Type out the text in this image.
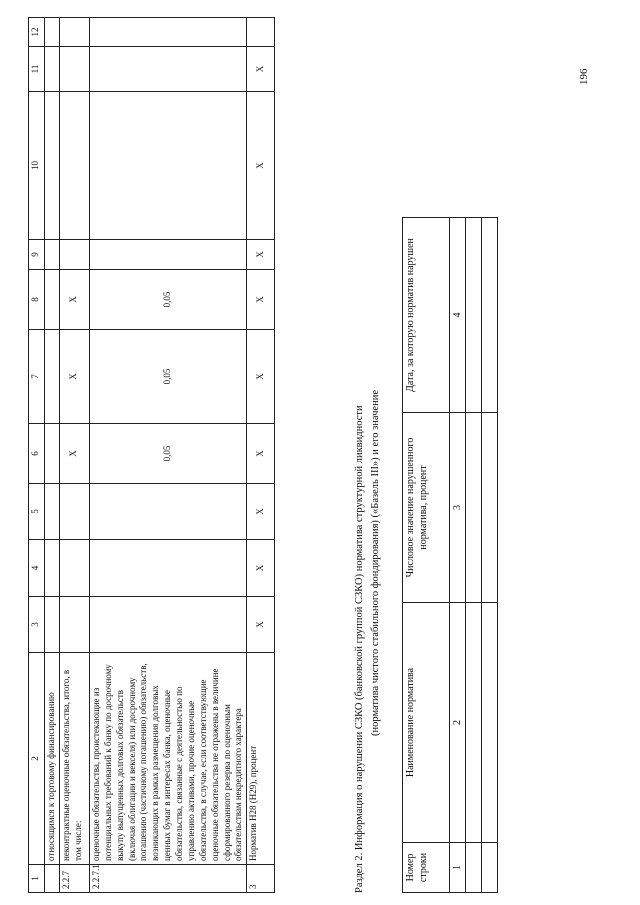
196
1	2	3	4	5	6	7	8	9	10	11	12
	относящимся к торговому финансированию										
2.2.7	неконтрактные оценочные обязательства, итого, в том числе:				X	X	X				
2.2.7.1	оценочные обязательства, проистекающие из потенциальных требований к банку по досрочному выкупу выпущенных долговых обязательств (включая облигации и векселя) или досрочному погашению (частичному погашению) обязательств, возникающих в рамках размещения долговых ценных бумаг в интересах банка, оценочные обязательства, связанные с деятельностью по управлению активами, прочие оценочные обязательства, в случае, если соответствующие оценочные обязательства не отражены в величине сформированного резерва по оценочным обязательствам некредитного характера				0,05	0,05	0,05				
3	Норматив Н28 (Н29), процент	X	X	X	X	X	X	X	X	X	
Раздел 2. Информация о нарушении СЗКО (банковской группой СЗКО) норматива структурной ликвидности (норматива чистого стабильного фондирования) («Базель III») и его значение
Номер строки	Наименование норматива	Числовое значение нарушенного норматива, процент	Дата, за которую норматив нарушен
1	2	3	4
